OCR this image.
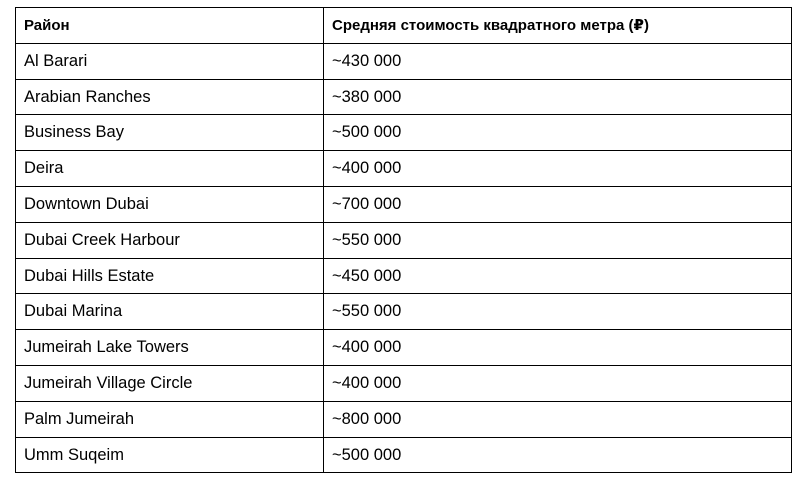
Район	Средняя стоимость квадратного метра (₽)
Al Barari	~430 000
Arabian Ranches	~380 000
Business Bay	~500 000
Deira	~400 000
Downtown Dubai	~700 000
Dubai Creek Harbour	~550 000
Dubai Hills Estate	~450 000
Dubai Marina	~550 000
Jumeirah Lake Towers	~400 000
Jumeirah Village Circle	~400 000
Palm Jumeirah	~800 000
Umm Suqeim	~500 000
